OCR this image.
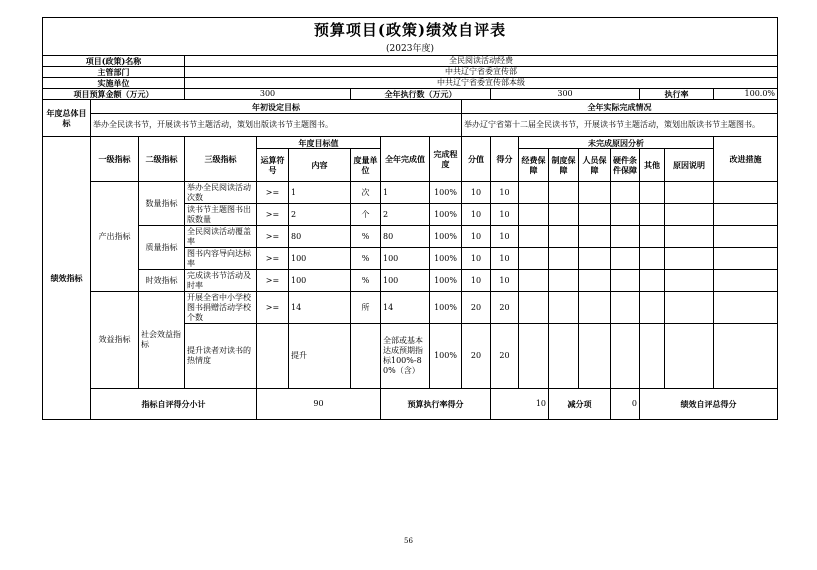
预算项目(政策)绩效自评表																		
(2023年度)																		
项目(政策)名称			全民阅读活动经费															
主管部门			中共辽宁省委宣传部															
实施单位			中共辽宁省委宣传部本级															
项目预算金额（万元）			300			全年执行数（万元）				300					执行率		100.0%	
年度总体目标	年初设定目标								全年实际完成情况									
	举办全民读书节，开展读书节主题活动，策划出版读书节主题图书。								举办辽宁省第十二届全民读书节，开展读书节主题活动，策划出版读书节主题图书。									
绩效指标	一级指标	二级指标	三级指标	年度目标值			全年完成值	完成程度	分值	得分	未完成原因分析						改进措施	
				运算符号	内容	度量单位					经费保障	制度保障	人员保障	硬件条件保障	其他	原因说明		
	产出指标	数量指标	举办全民阅读活动次数	>=	1	次	1	100%	10	10								
			读书节主题图书出版数量	>=	2	个	2	100%	10	10								
		质量指标	全民阅读活动覆盖率	>=	80	%	80	100%	10	10								
			图书内容导向达标率	>=	100	%	100	100%	10	10								
		时效指标	完成读书节活动及时率	>=	100	%	100	100%	10	10								
	效益指标	社会效益指标	开展全省中小学校图书捐赠活动学校个数	>=	14	所	14	100%	20	20								
			提升读者对读书的热情度		提升		全部或基本达成预期指标100%-80%（含）	100%	20	20								
	指标自评得分小计			90			预算执行率得分			10		减分项		0	绩效自评总得分	
56
